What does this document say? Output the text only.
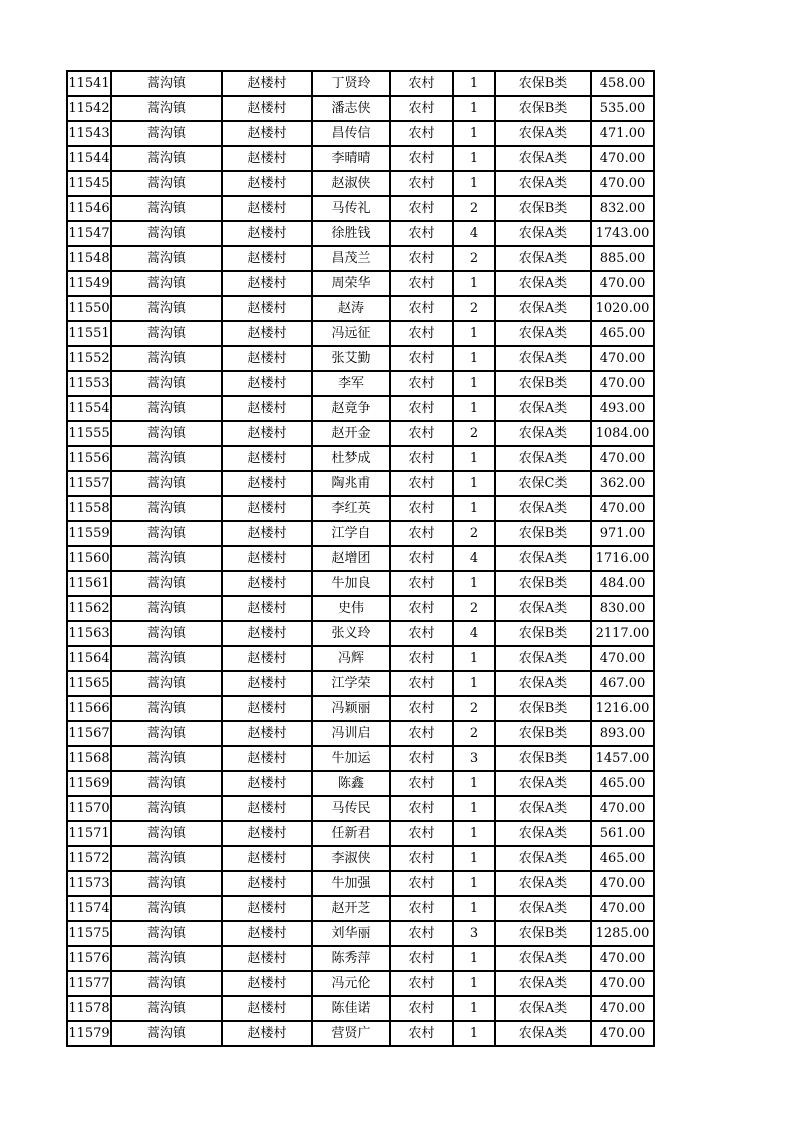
11541	蒿沟镇	赵楼村	丁贤玲	农村	1	农保B类	458.00
11542	蒿沟镇	赵楼村	潘志侠	农村	1	农保B类	535.00
11543	蒿沟镇	赵楼村	昌传信	农村	1	农保A类	471.00
11544	蒿沟镇	赵楼村	李晴晴	农村	1	农保A类	470.00
11545	蒿沟镇	赵楼村	赵淑侠	农村	1	农保A类	470.00
11546	蒿沟镇	赵楼村	马传礼	农村	2	农保B类	832.00
11547	蒿沟镇	赵楼村	徐胜钱	农村	4	农保A类	1743.00
11548	蒿沟镇	赵楼村	昌茂兰	农村	2	农保A类	885.00
11549	蒿沟镇	赵楼村	周荣华	农村	1	农保A类	470.00
11550	蒿沟镇	赵楼村	赵涛	农村	2	农保A类	1020.00
11551	蒿沟镇	赵楼村	冯远征	农村	1	农保A类	465.00
11552	蒿沟镇	赵楼村	张艾勤	农村	1	农保A类	470.00
11553	蒿沟镇	赵楼村	李军	农村	1	农保B类	470.00
11554	蒿沟镇	赵楼村	赵竟争	农村	1	农保A类	493.00
11555	蒿沟镇	赵楼村	赵开金	农村	2	农保A类	1084.00
11556	蒿沟镇	赵楼村	杜梦成	农村	1	农保A类	470.00
11557	蒿沟镇	赵楼村	陶兆甫	农村	1	农保C类	362.00
11558	蒿沟镇	赵楼村	李红英	农村	1	农保A类	470.00
11559	蒿沟镇	赵楼村	江学自	农村	2	农保B类	971.00
11560	蒿沟镇	赵楼村	赵增团	农村	4	农保A类	1716.00
11561	蒿沟镇	赵楼村	牛加良	农村	1	农保B类	484.00
11562	蒿沟镇	赵楼村	史伟	农村	2	农保A类	830.00
11563	蒿沟镇	赵楼村	张义玲	农村	4	农保B类	2117.00
11564	蒿沟镇	赵楼村	冯辉	农村	1	农保A类	470.00
11565	蒿沟镇	赵楼村	江学荣	农村	1	农保A类	467.00
11566	蒿沟镇	赵楼村	冯颖丽	农村	2	农保B类	1216.00
11567	蒿沟镇	赵楼村	冯训启	农村	2	农保B类	893.00
11568	蒿沟镇	赵楼村	牛加运	农村	3	农保B类	1457.00
11569	蒿沟镇	赵楼村	陈鑫	农村	1	农保A类	465.00
11570	蒿沟镇	赵楼村	马传民	农村	1	农保A类	470.00
11571	蒿沟镇	赵楼村	任新君	农村	1	农保A类	561.00
11572	蒿沟镇	赵楼村	李淑侠	农村	1	农保A类	465.00
11573	蒿沟镇	赵楼村	牛加强	农村	1	农保A类	470.00
11574	蒿沟镇	赵楼村	赵开芝	农村	1	农保A类	470.00
11575	蒿沟镇	赵楼村	刘华丽	农村	3	农保B类	1285.00
11576	蒿沟镇	赵楼村	陈秀萍	农村	1	农保A类	470.00
11577	蒿沟镇	赵楼村	冯元伦	农村	1	农保A类	470.00
11578	蒿沟镇	赵楼村	陈佳诺	农村	1	农保A类	470.00
11579	蒿沟镇	赵楼村	营贤广	农村	1	农保A类	470.00
